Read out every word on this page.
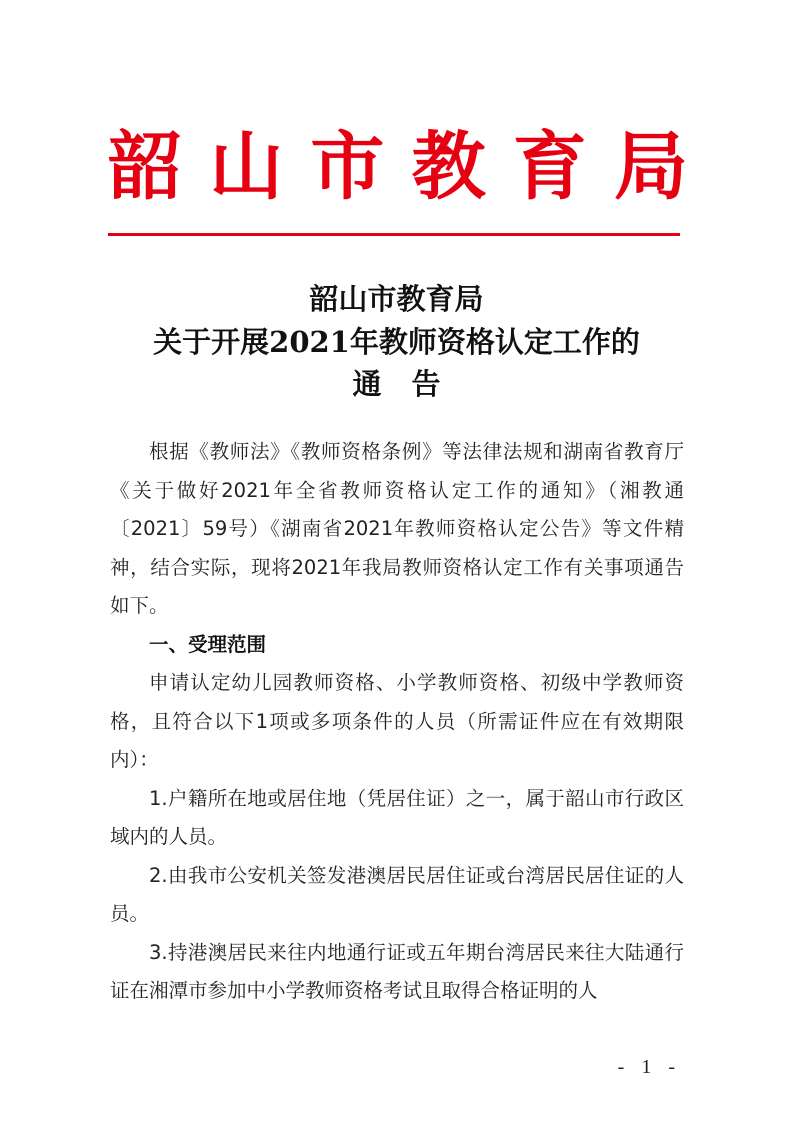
韶 山 市 教 育 局
韶山市教育局
关于开展2021年教师资格认定工作的
通告

根据《教师法》《教师资格条例》等法律法规和湖南省教育厅《关于做好2021年全省教师资格认定工作的通知》（湘教通〔2021〕59号）《湖南省2021年教师资格认定公告》等文件精神，结合实际，现将2021年我局教师资格认定工作有关事项通告如下。

一、受理范围

申请认定幼儿园教师资格、小学教师资格、初级中学教师资格，且符合以下1项或多项条件的人员（所需证件应在有效期限内）：

1.户籍所在地或居住地（凭居住证）之一，属于韶山市行政区域内的人员。

2.由我市公安机关签发港澳居民居住证或台湾居民居住证的人员。

3.持港澳居民来往内地通行证或五年期台湾居民来往大陆通行证在湘潭市参加中小学教师资格考试且取得合格证明的人

- 1 -
